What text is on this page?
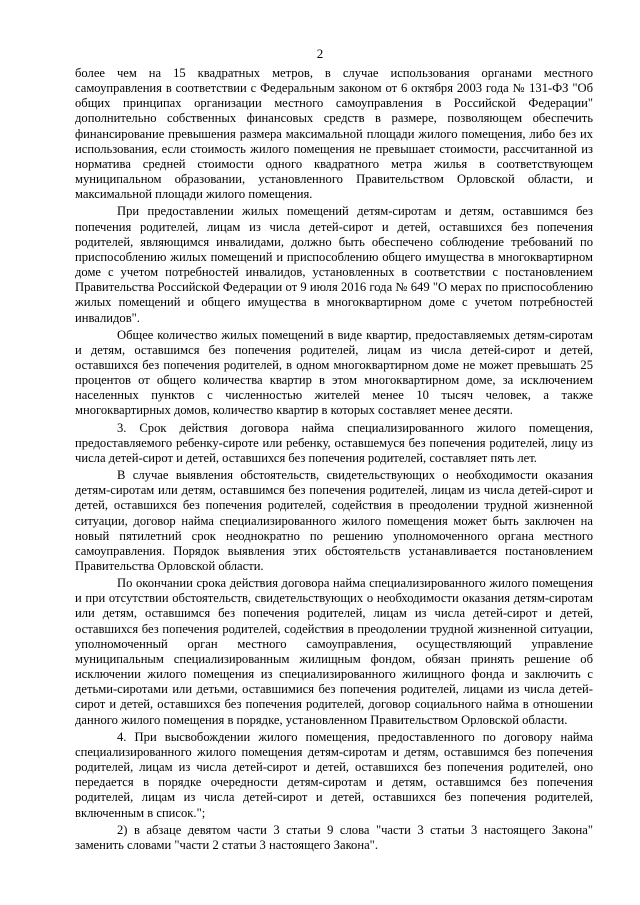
2

более чем на 15 квадратных метров, в случае использования органами местного самоуправления в соответствии с Федеральным законом от 6 октября 2003 года № 131-ФЗ "Об общих принципах организации местного самоуправления в Российской Федерации" дополнительно собственных финансовых средств в размере, позволяющем обеспечить финансирование превышения размера максимальной площади жилого помещения, либо без их использования, если стоимость жилого помещения не превышает стоимости, рассчитанной из норматива средней стоимости одного квадратного метра жилья в соответствующем муниципальном образовании, установленного Правительством Орловской области, и максимальной площади жилого помещения.

При предоставлении жилых помещений детям-сиротам и детям, оставшимся без попечения родителей, лицам из числа детей-сирот и детей, оставшихся без попечения родителей, являющимся инвалидами, должно быть обеспечено соблюдение требований по приспособлению жилых помещений и приспособлению общего имущества в многоквартирном доме с учетом потребностей инвалидов, установленных в соответствии с постановлением Правительства Российской Федерации от 9 июля 2016 года № 649 "О мерах по приспособлению жилых помещений и общего имущества в многоквартирном доме с учетом потребностей инвалидов".

Общее количество жилых помещений в виде квартир, предоставляемых детям-сиротам и детям, оставшимся без попечения родителей, лицам из числа детей-сирот и детей, оставшихся без попечения родителей, в одном многоквартирном доме не может превышать 25 процентов от общего количества квартир в этом многоквартирном доме, за исключением населенных пунктов с численностью жителей менее 10 тысяч человек, а также многоквартирных домов, количество квартир в которых составляет менее десяти.

3. Срок действия договора найма специализированного жилого помещения, предоставляемого ребенку-сироте или ребенку, оставшемуся без попечения родителей, лицу из числа детей-сирот и детей, оставшихся без попечения родителей, составляет пять лет.

В случае выявления обстоятельств, свидетельствующих о необходимости оказания детям-сиротам или детям, оставшимся без попечения родителей, лицам из числа детей-сирот и детей, оставшихся без попечения родителей, содействия в преодолении трудной жизненной ситуации, договор найма специализированного жилого помещения может быть заключен на новый пятилетний срок неоднократно по решению уполномоченного органа местного самоуправления. Порядок выявления этих обстоятельств устанавливается постановлением Правительства Орловской области.

По окончании срока действия договора найма специализированного жилого помещения и при отсутствии обстоятельств, свидетельствующих о необходимости оказания детям-сиротам или детям, оставшимся без попечения родителей, лицам из числа детей-сирот и детей, оставшихся без попечения родителей, содействия в преодолении трудной жизненной ситуации, уполномоченный орган местного самоуправления, осуществляющий управление муниципальным специализированным жилищным фондом, обязан принять решение об исключении жилого помещения из специализированного жилищного фонда и заключить с детьми-сиротами или детьми, оставшимися без попечения родителей, лицами из числа детей-сирот и детей, оставшихся без попечения родителей, договор социального найма в отношении данного жилого помещения в порядке, установленном Правительством Орловской области.

4. При высвобождении жилого помещения, предоставленного по договору найма специализированного жилого помещения детям-сиротам и детям, оставшимся без попечения родителей, лицам из числа детей-сирот и детей, оставшихся без попечения родителей, оно передается в порядке очередности детям-сиротам и детям, оставшимся без попечения родителей, лицам из числа детей-сирот и детей, оставшихся без попечения родителей, включенным в список.";

2) в абзаце девятом части 3 статьи 9 слова "части 3 статьи 3 настоящего Закона" заменить словами "части 2 статьи 3 настоящего Закона".
